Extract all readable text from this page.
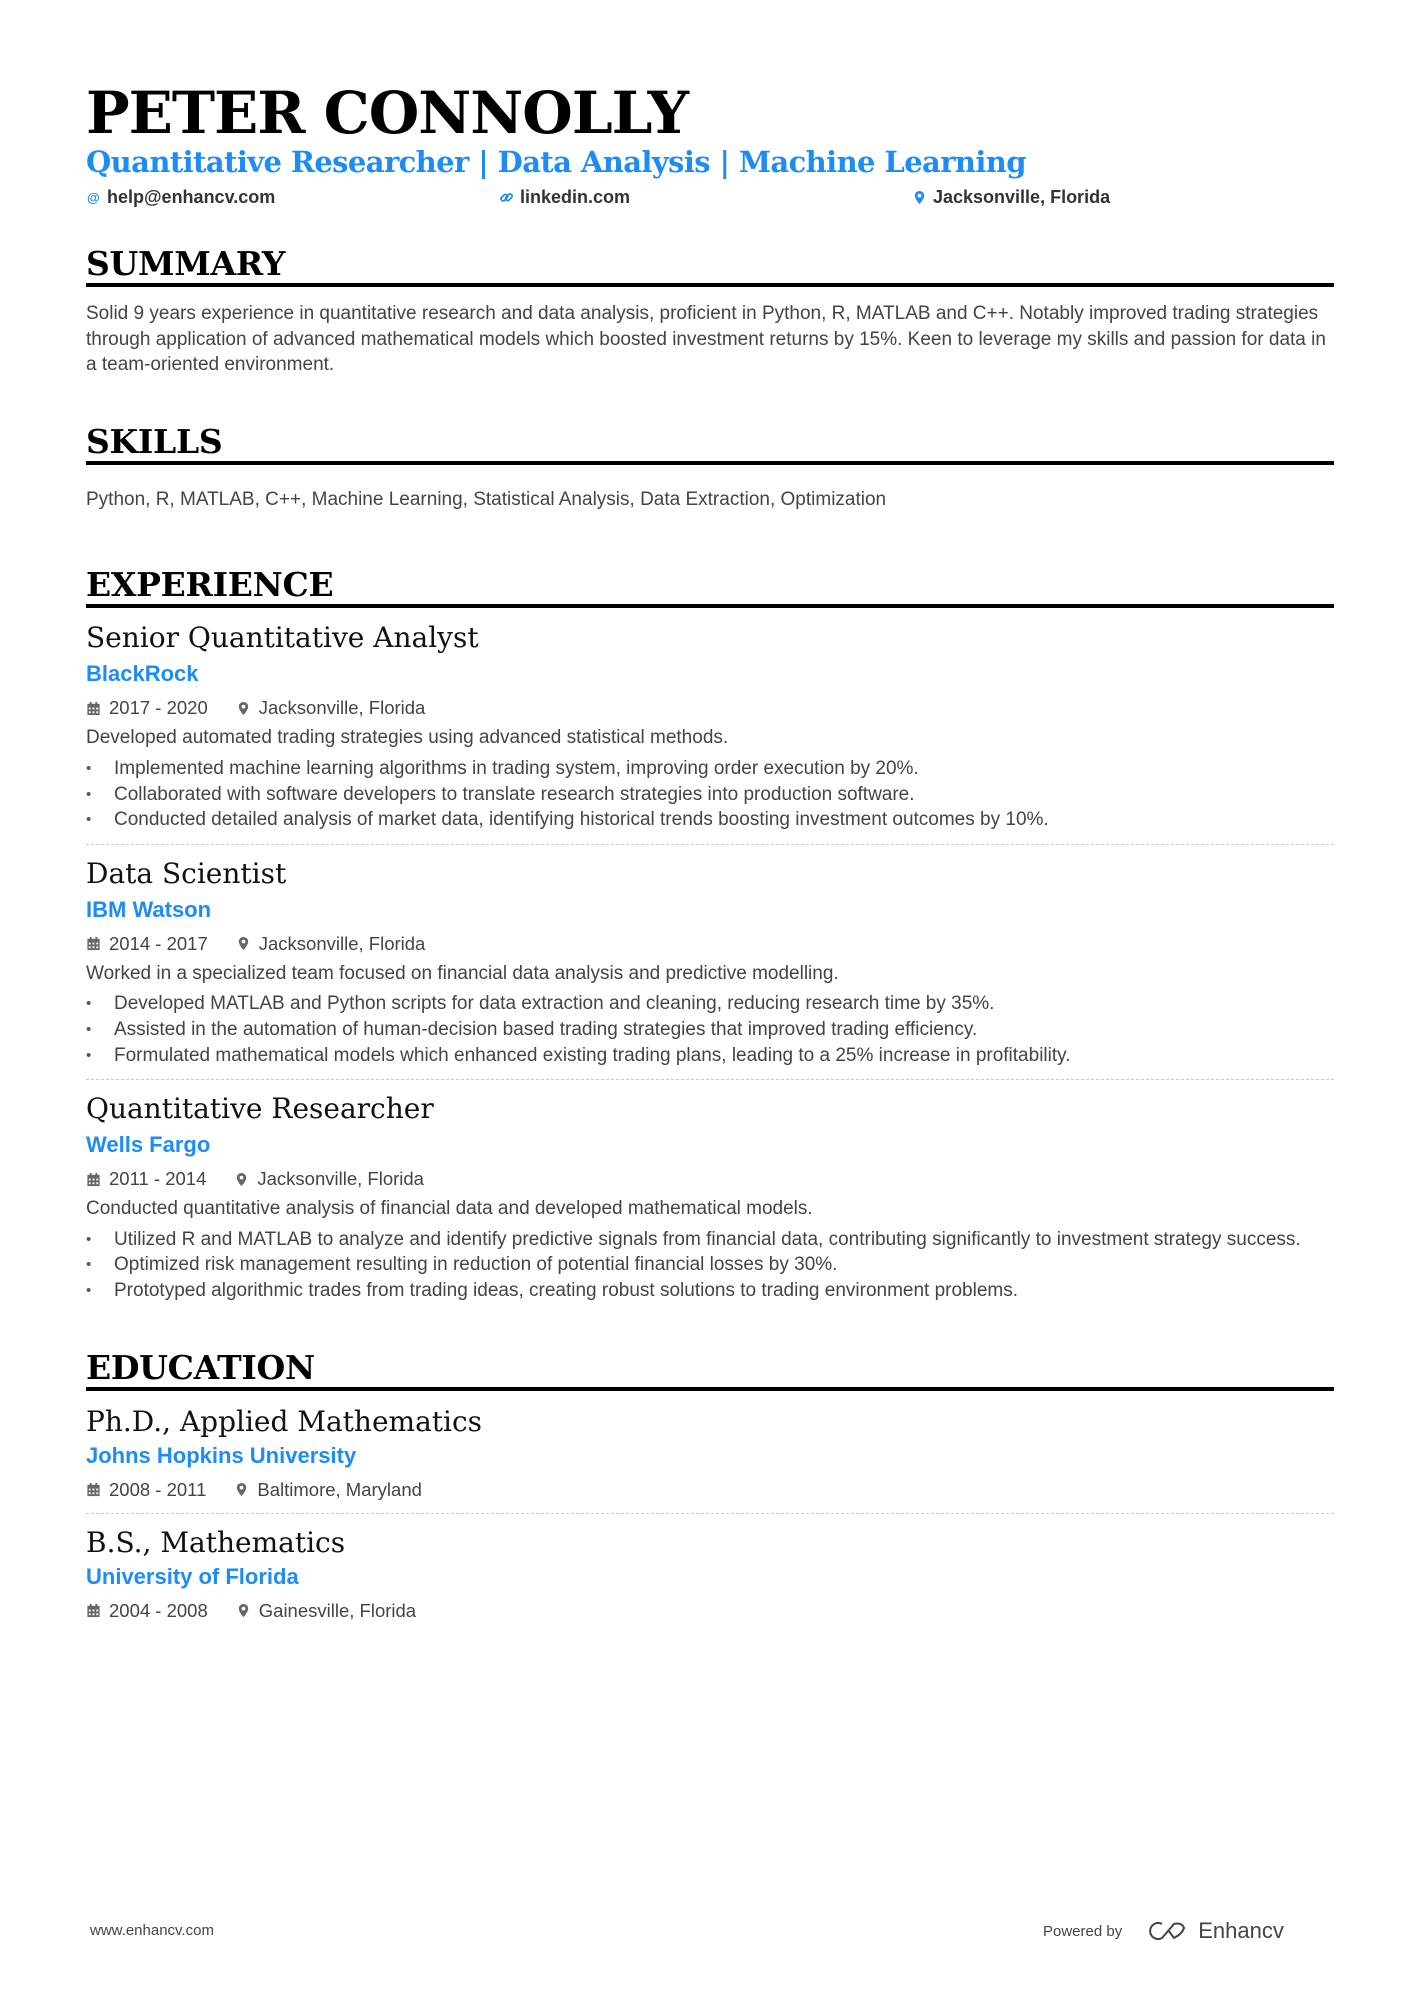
PETER CONNOLLY
Quantitative Researcher | Data Analysis | Machine Learning
@ help@enhancv.com	linkedin.com	Jacksonville, Florida
SUMMARY
Solid 9 years experience in quantitative research and data analysis, proficient in Python, R, MATLAB and C++. Notably improved trading strategies through application of advanced mathematical models which boosted investment returns by 15%. Keen to leverage my skills and passion for data in a team-oriented environment.
SKILLS
Python, R, MATLAB, C++, Machine Learning, Statistical Analysis, Data Extraction, Optimization
EXPERIENCE
Senior Quantitative Analyst
BlackRock
2017 - 2020	Jacksonville, Florida
Developed automated trading strategies using advanced statistical methods.
• Implemented machine learning algorithms in trading system, improving order execution by 20%.
• Collaborated with software developers to translate research strategies into production software.
• Conducted detailed analysis of market data, identifying historical trends boosting investment outcomes by 10%.
Data Scientist
IBM Watson
2014 - 2017	Jacksonville, Florida
Worked in a specialized team focused on financial data analysis and predictive modelling.
• Developed MATLAB and Python scripts for data extraction and cleaning, reducing research time by 35%.
• Assisted in the automation of human-decision based trading strategies that improved trading efficiency.
• Formulated mathematical models which enhanced existing trading plans, leading to a 25% increase in profitability.
Quantitative Researcher
Wells Fargo
2011 - 2014	Jacksonville, Florida
Conducted quantitative analysis of financial data and developed mathematical models.
• Utilized R and MATLAB to analyze and identify predictive signals from financial data, contributing significantly to investment strategy success.
• Optimized risk management resulting in reduction of potential financial losses by 30%.
• Prototyped algorithmic trades from trading ideas, creating robust solutions to trading environment problems.
EDUCATION
Ph.D., Applied Mathematics
Johns Hopkins University
2008 - 2011	Baltimore, Maryland
B.S., Mathematics
University of Florida
2004 - 2008	Gainesville, Florida
www.enhancv.com	Powered by	Enhancv
